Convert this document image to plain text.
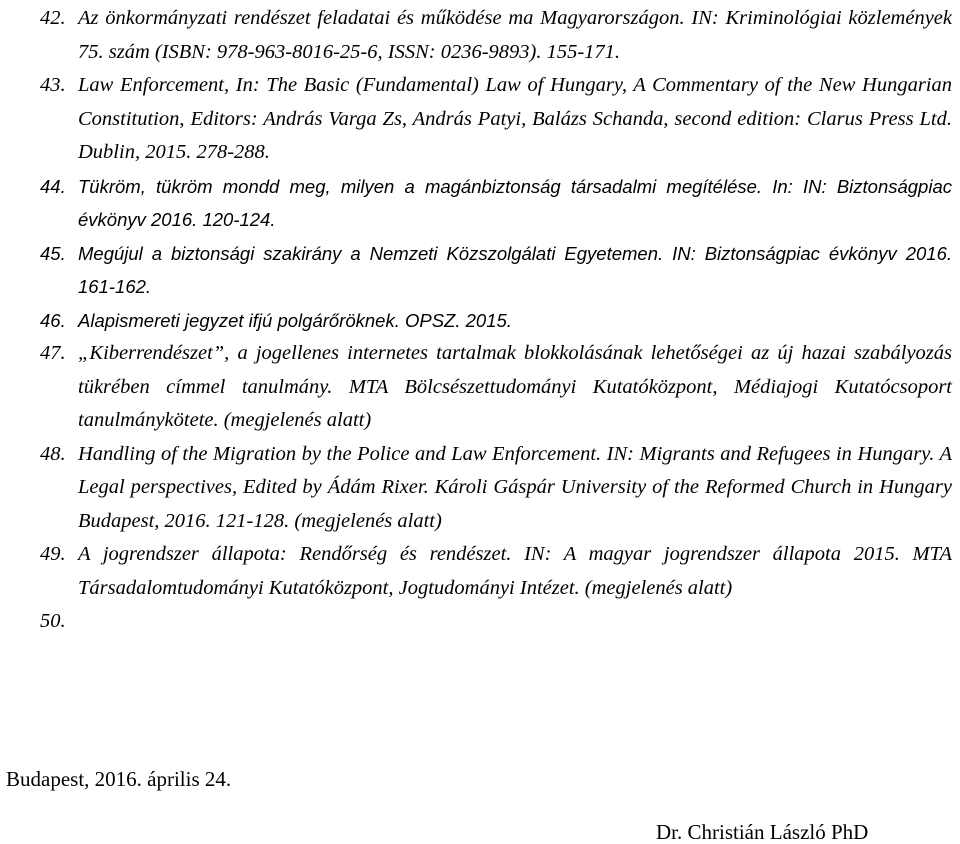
42. Az önkormányzati rendészet feladatai és működése ma Magyarországon. IN: Kriminológiai közlemények 75. szám (ISBN: 978-963-8016-25-6, ISSN: 0236-9893). 155-171.
43. Law Enforcement, In: The Basic (Fundamental) Law of Hungary, A Commentary of the New Hungarian Constitution, Editors: András Varga Zs, András Patyi, Balázs Schanda, second edition: Clarus Press Ltd. Dublin, 2015. 278-288.
44. Tükröm, tükröm mondd meg, milyen a magánbiztonság társadalmi megítélése. In: IN: Biztonságpiac évkönyv 2016. 120-124.
45. Megújul a biztonsági szakirány a Nemzeti Közszolgálati Egyetemen. IN: Biztonságpiac évkönyv 2016. 161-162.
46. Alapismereti jegyzet ifjú polgárőröknek. OPSZ. 2015.
47. „Kiberrendészet”, a jogellenes internetes tartalmak blokkolásának lehetőségei az új hazai szabályozás tükrében címmel tanulmány. MTA Bölcsészettudományi Kutatóközpont, Médiajogi Kutatócsoport tanulmánykötete. (megjelenés alatt)
48. Handling of the Migration by the Police and Law Enforcement. IN: Migrants and Refugees in Hungary. A Legal perspectives, Edited by Ádám Rixer. Károli Gáspár University of the Reformed Church in Hungary Budapest, 2016. 121-128. (megjelenés alatt)
49. A jogrendszer állapota: Rendőrség és rendészet. IN: A magyar jogrendszer állapota 2015. MTA Társadalomtudományi Kutatóközpont, Jogtudományi Intézet. (megjelenés alatt)
50.
Budapest, 2016. április 24.
Dr. Christián László PhD
